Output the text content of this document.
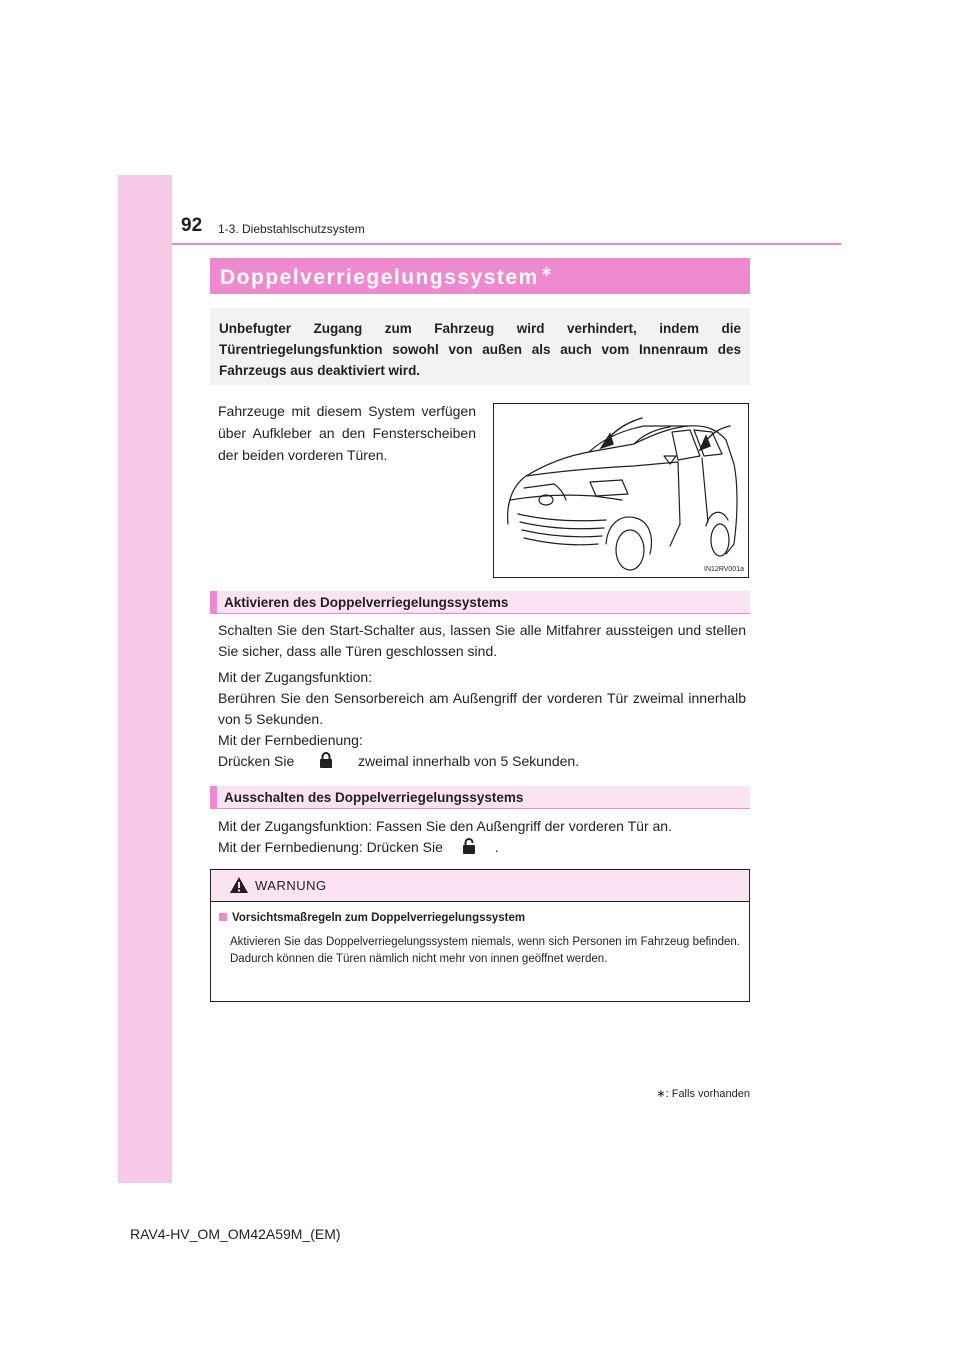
92 1-3. Diebstahlschutzsystem
Doppelverriegelungssystem ∗
Unbefugter Zugang zum Fahrzeug wird verhindert, indem die Türentriegelungsfunktion sowohl von außen als auch vom Innenraum des Fahrzeugs aus deaktiviert wird.
Fahrzeuge mit diesem System verfügen über Aufkleber an den Fensterscheiben der beiden vorderen Türen.
IN12RV001a
Aktivieren des Doppelverriegelungssystems
Schalten Sie den Start-Schalter aus, lassen Sie alle Mitfahrer aussteigen und stellen Sie sicher, dass alle Türen geschlossen sind.
Mit der Zugangsfunktion:
Berühren Sie den Sensorbereich am Außengriff der vorderen Tür zweimal innerhalb von 5 Sekunden.
Mit der Fernbedienung:
Drücken Sie	zweimal innerhalb von 5 Sekunden.
Ausschalten des Doppelverriegelungssystems
Mit der Zugangsfunktion: Fassen Sie den Außengriff der vorderen Tür an.
Mit der Fernbedienung: Drücken Sie	.
WARNUNG
Vorsichtsmaßregeln zum Doppelverriegelungssystem
Aktivieren Sie das Doppelverriegelungssystem niemals, wenn sich Personen im Fahrzeug befinden. Dadurch können die Türen nämlich nicht mehr von innen geöffnet werden.
∗: Falls vorhanden
RAV4-HV_OM_OM42A59M_(EM)
